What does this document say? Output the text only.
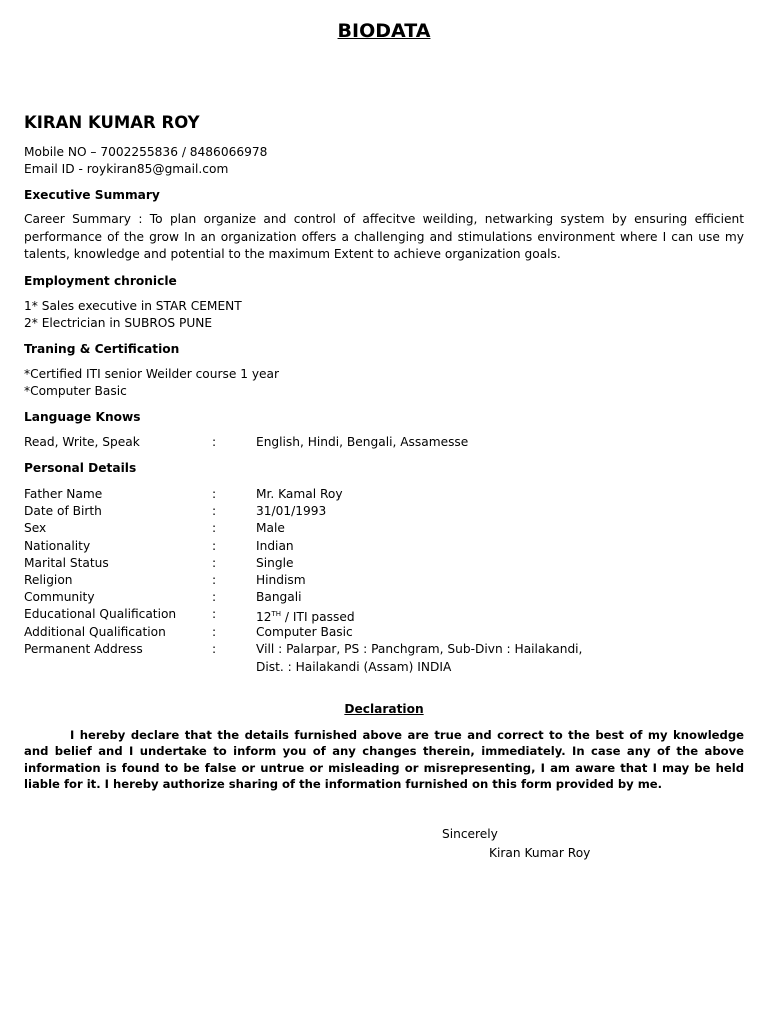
BIODATA
KIRAN KUMAR ROY
Mobile NO – 7002255836 / 8486066978
Email ID - roykiran85@gmail.com
Executive Summary
Career Summary : To plan organize and control of affecitve weilding, netwarking system by ensuring efficient performance of the grow In an organization offers a challenging and stimulations environment where I can use my talents, knowledge and potential to the maximum Extent to achieve organization goals.
Employment chronicle
1* Sales executive in STAR CEMENT
2* Electrician in SUBROS PUNE
Traning & Certification
*Certified ITI senior Weilder course 1 year
*Computer Basic
Language Knows
Read, Write, Speak	:	English, Hindi, Bengali, Assamesse
Personal Details
Father Name	:	Mr. Kamal Roy
Date of Birth	:	31/01/1993
Sex	:	Male
Nationality	:	Indian
Marital Status	:	Single
Religion	:	Hindism
Community	:	Bangali
Educational Qualification	:	12TH / ITI passed
Additional Qualification	:	Computer Basic
Permanent Address	:	Vill : Palarpar, PS : Panchgram, Sub-Divn : Hailakandi,
Dist. : Hailakandi (Assam) INDIA
Declaration
I hereby declare that the details furnished above are true and correct to the best of my knowledge and belief and I undertake to inform you of any changes therein, immediately. In case any of the above information is found to be false or untrue or misleading or misrepresenting, I am aware that I may be held liable for it. I hereby authorize sharing of the information furnished on this form provided by me.
Sincerely
Kiran Kumar Roy
